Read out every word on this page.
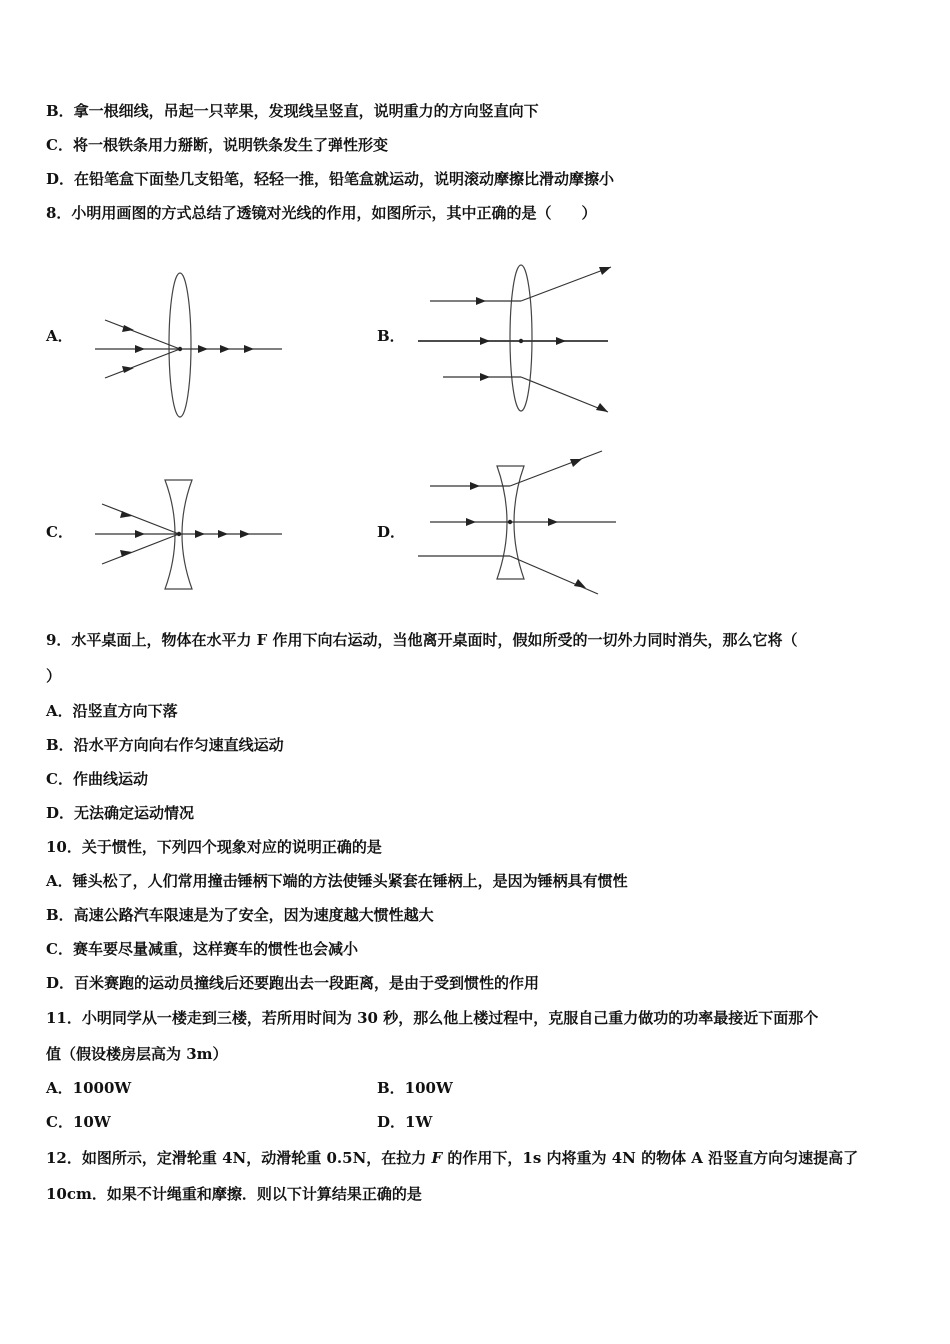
B．拿一根细线，吊起一只苹果，发现线呈竖直，说明重力的方向竖直向下
C．将一根铁条用力掰断，说明铁条发生了弹性形变
D．在铅笔盒下面垫几支铅笔，轻轻一推，铅笔盒就运动，说明滚动摩擦比滑动摩擦小
8．小明用画图的方式总结了透镜对光线的作用，如图所示，其中正确的是（　　）
A．	B．
C．	D．
9．水平桌面上，物体在水平力 F 作用下向右运动，当他离开桌面时，假如所受的一切外力同时消失，那么它将（
）
A．沿竖直方向下落
B．沿水平方向向右作匀速直线运动
C．作曲线运动
D．无法确定运动情况
10．关于惯性，下列四个现象对应的说明正确的是
A．锤头松了，人们常用撞击锤柄下端的方法使锤头紧套在锤柄上，是因为锤柄具有惯性
B．高速公路汽车限速是为了安全，因为速度越大惯性越大
C．赛车要尽量减重，这样赛车的惯性也会减小
D．百米赛跑的运动员撞线后还要跑出去一段距离，是由于受到惯性的作用
11．小明同学从一楼走到三楼，若所用时间为 30 秒，那么他上楼过程中，克服自己重力做功的功率最接近下面那个
值（假设楼房层高为 3m）
A．1000W	B．100W
C．10W	D．1W
12．如图所示，定滑轮重 4N，动滑轮重 0.5N，在拉力 F 的作用下，1s 内将重为 4N 的物体 A 沿竖直方向匀速提高了
10cm．如果不计绳重和摩擦．则以下计算结果正确的是
